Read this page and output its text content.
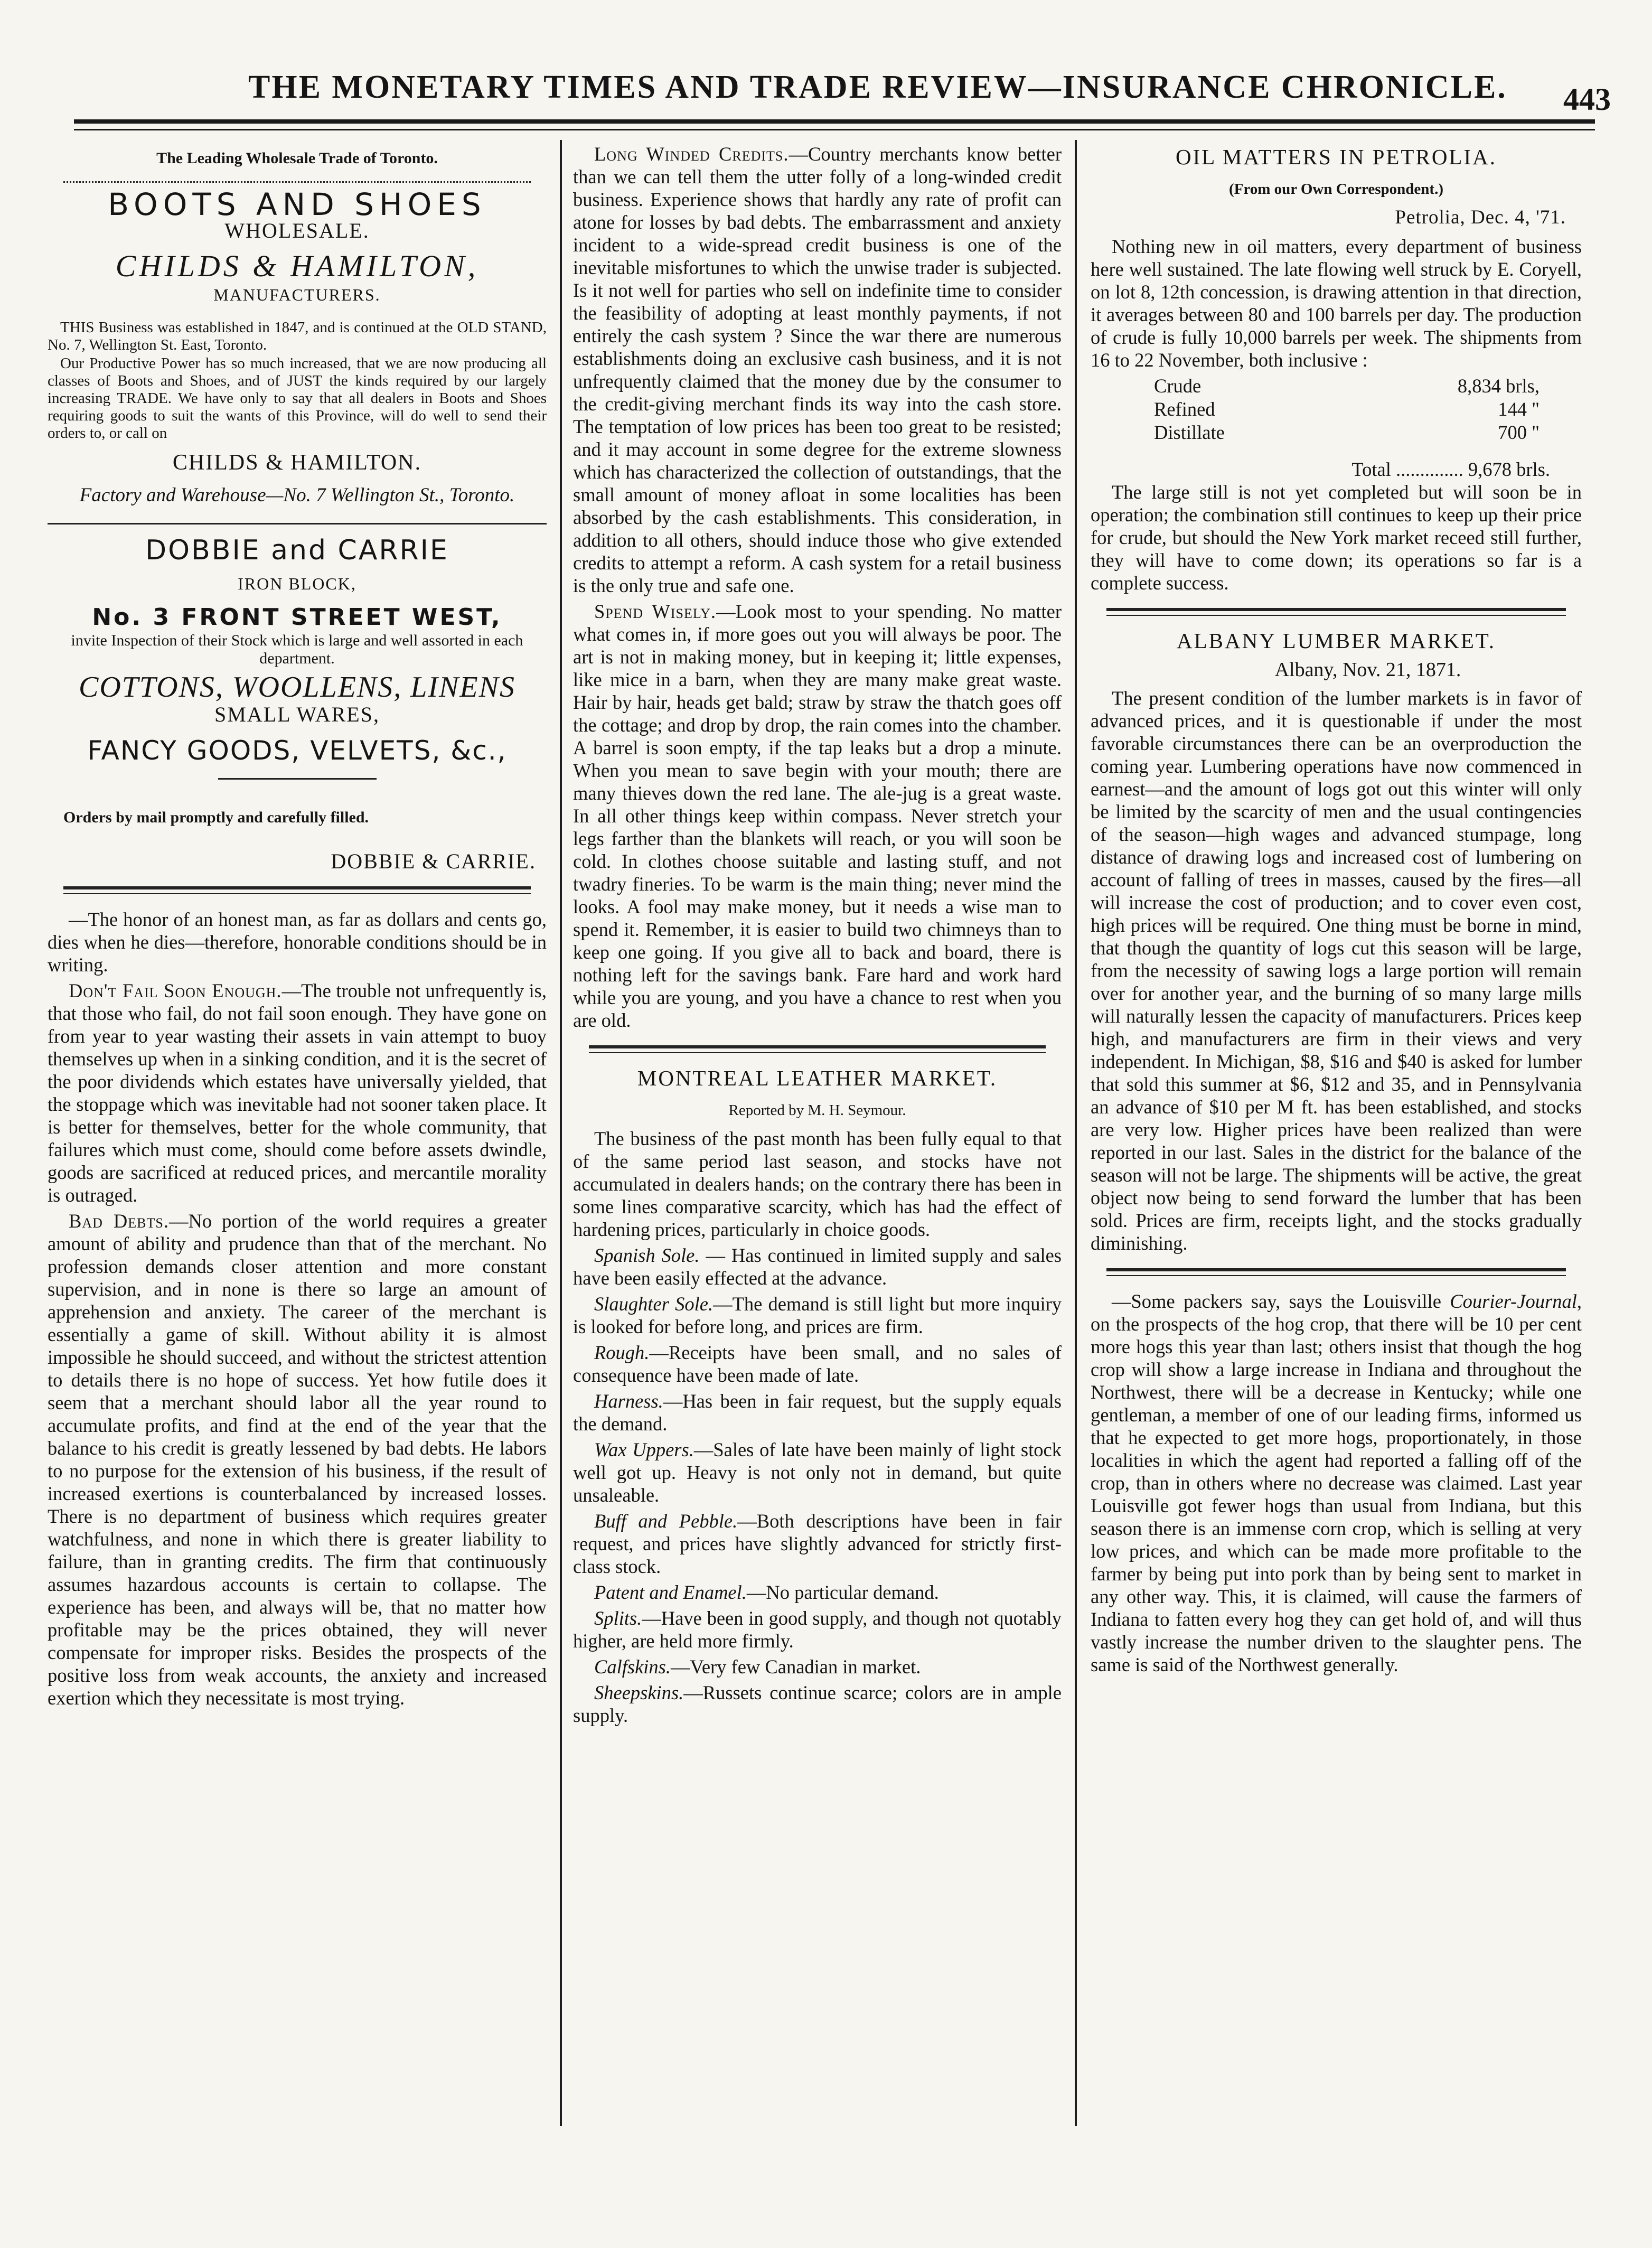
THE MONETARY TIMES AND TRADE REVIEW—INSURANCE CHRONICLE. 443
The Leading Wholesale Trade of Toronto.
BOOTS AND SHOES
WHOLESALE.
CHILDS & HAMILTON,
MANUFACTURERS.

THIS Business was established in 1847, and is continued at the OLD STAND, No. 7, Wellington St. East, Toronto.

Our Productive Power has so much increased, that we are now producing all classes of Boots and Shoes, and of JUST the kinds required by our largely increasing TRADE. We have only to say that all dealers in Boots and Shoes requiring goods to suit the wants of this Province, will do well to send their orders to, or call on

CHILDS & HAMILTON.
Factory and Warehouse—No. 7 Wellington St., Toronto.
DOBBIE and CARRIE
IRON BLOCK,
No. 3 FRONT STREET WEST,
invite Inspection of their Stock which is large and well assorted in each department.
COTTONS, WOOLLENS, LINENS
SMALL WARES,
FANCY GOODS, VELVETS, &c.,
Orders by mail promptly and carefully filled.
DOBBIE & CARRIE.

—The honor of an honest man, as far as dollars and cents go, dies when he dies—therefore, honorable conditions should be in writing.

Don't Fail Soon Enough.—The trouble not unfrequently is, that those who fail, do not fail soon enough. They have gone on from year to year wasting their assets in vain attempt to buoy themselves up when in a sinking condition, and it is the secret of the poor dividends which estates have universally yielded, that the stoppage which was inevitable had not sooner taken place. It is better for themselves, better for the whole community, that failures which must come, should come before assets dwindle, goods are sacrificed at reduced prices, and mercantile morality is outraged.

Bad Debts.—No portion of the world requires a greater amount of ability and prudence than that of the merchant. No profession demands closer attention and more constant supervision, and in none is there so large an amount of apprehension and anxiety. The career of the merchant is essentially a game of skill. Without ability it is almost impossible he should succeed, and without the strictest attention to details there is no hope of success. Yet how futile does it seem that a merchant should labor all the year round to accumulate profits, and find at the end of the year that the balance to his credit is greatly lessened by bad debts. He labors to no purpose for the extension of his business, if the result of increased exertions is counterbalanced by increased losses. There is no department of business which requires greater watchfulness, and none in which there is greater liability to failure, than in granting credits. The firm that continuously assumes hazardous accounts is certain to collapse. The experience has been, and always will be, that no matter how profitable may be the prices obtained, they will never compensate for improper risks. Besides the prospects of the positive loss from weak accounts, the anxiety and increased exertion which they necessitate is most trying.

Long Winded Credits.—Country merchants know better than we can tell them the utter folly of a long-winded credit business. Experience shows that hardly any rate of profit can atone for losses by bad debts. The embarrassment and anxiety incident to a wide-spread credit business is one of the inevitable misfortunes to which the unwise trader is subjected. Is it not well for parties who sell on indefinite time to consider the feasibility of adopting at least monthly payments, if not entirely the cash system ? Since the war there are numerous establishments doing an exclusive cash business, and it is not unfrequently claimed that the money due by the consumer to the credit-giving merchant finds its way into the cash store. The temptation of low prices has been too great to be resisted; and it may account in some degree for the extreme slowness which has characterized the collection of outstandings, that the small amount of money afloat in some localities has been absorbed by the cash establishments. This consideration, in addition to all others, should induce those who give extended credits to attempt a reform. A cash system for a retail business is the only true and safe one.

Spend Wisely.—Look most to your spending. No matter what comes in, if more goes out you will always be poor. The art is not in making money, but in keeping it; little expenses, like mice in a barn, when they are many make great waste. Hair by hair, heads get bald; straw by straw the thatch goes off the cottage; and drop by drop, the rain comes into the chamber. A barrel is soon empty, if the tap leaks but a drop a minute. When you mean to save begin with your mouth; there are many thieves down the red lane. The ale-jug is a great waste. In all other things keep within compass. Never stretch your legs farther than the blankets will reach, or you will soon be cold. In clothes choose suitable and lasting stuff, and not twadry fineries. To be warm is the main thing; never mind the looks. A fool may make money, but it needs a wise man to spend it. Remember, it is easier to build two chimneys than to keep one going. If you give all to back and board, there is nothing left for the savings bank. Fare hard and work hard while you are young, and you have a chance to rest when you are old.

MONTREAL LEATHER MARKET.
Reported by M. H. Seymour.

The business of the past month has been fully equal to that of the same period last season, and stocks have not accumulated in dealers hands; on the contrary there has been in some lines comparative scarcity, which has had the effect of hardening prices, particularly in choice goods.

Spanish Sole. — Has continued in limited supply and sales have been easily effected at the advance.

Slaughter Sole.—The demand is still light but more inquiry is looked for before long, and prices are firm.

Rough.—Receipts have been small, and no sales of consequence have been made of late.

Harness.—Has been in fair request, but the supply equals the demand.

Wax Uppers.—Sales of late have been mainly of light stock well got up. Heavy is not only not in demand, but quite unsaleable.

Buff and Pebble.—Both descriptions have been in fair request, and prices have slightly advanced for strictly first-class stock.

Patent and Enamel.—No particular demand.

Splits.—Have been in good supply, and though not quotably higher, are held more firmly.

Calfskins.—Very few Canadian in market.

Sheepskins.—Russets continue scarce; colors are in ample supply.

OIL MATTERS IN PETROLIA.
(From our Own Correspondent.)
Petrolia, Dec. 4, '71.

Nothing new in oil matters, every department of business here well sustained. The late flowing well struck by E. Coryell, on lot 8, 12th concession, is drawing attention in that direction, it averages between 80 and 100 barrels per day. The production of crude is fully 10,000 barrels per week. The shipments from 16 to 22 November, both inclusive :

Crude	8,834 brls,
Refined	144 "
Distillate	700 "
Total .............. 9,678 brls.

The large still is not yet completed but will soon be in operation; the combination still continues to keep up their price for crude, but should the New York market receed still further, they will have to come down; its operations so far is a complete success.

ALBANY LUMBER MARKET.
Albany, Nov. 21, 1871.

The present condition of the lumber markets is in favor of advanced prices, and it is questionable if under the most favorable circumstances there can be an overproduction the coming year. Lumbering operations have now commenced in earnest—and the amount of logs got out this winter will only be limited by the scarcity of men and the usual contingencies of the season—high wages and advanced stumpage, long distance of drawing logs and increased cost of lumbering on account of falling of trees in masses, caused by the fires—all will increase the cost of production; and to cover even cost, high prices will be required. One thing must be borne in mind, that though the quantity of logs cut this season will be large, from the necessity of sawing logs a large portion will remain over for another year, and the burning of so many large mills will naturally lessen the capacity of manufacturers. Prices keep high, and manufacturers are firm in their views and very independent. In Michigan, $8, $16 and $40 is asked for lumber that sold this summer at $6, $12 and 35, and in Pennsylvania an advance of $10 per M ft. has been established, and stocks are very low. Higher prices have been realized than were reported in our last. Sales in the district for the balance of the season will not be large. The shipments will be active, the great object now being to send forward the lumber that has been sold. Prices are firm, receipts light, and the stocks gradually diminishing.

—Some packers say, says the Louisville Courier-Journal, on the prospects of the hog crop, that there will be 10 per cent more hogs this year than last; others insist that though the hog crop will show a large increase in Indiana and throughout the Northwest, there will be a decrease in Kentucky; while one gentleman, a member of one of our leading firms, informed us that he expected to get more hogs, proportionately, in those localities in which the agent had reported a falling off of the crop, than in others where no decrease was claimed. Last year Louisville got fewer hogs than usual from Indiana, but this season there is an immense corn crop, which is selling at very low prices, and which can be made more profitable to the farmer by being put into pork than by being sent to market in any other way. This, it is claimed, will cause the farmers of Indiana to fatten every hog they can get hold of, and will thus vastly increase the number driven to the slaughter pens. The same is said of the Northwest generally.
